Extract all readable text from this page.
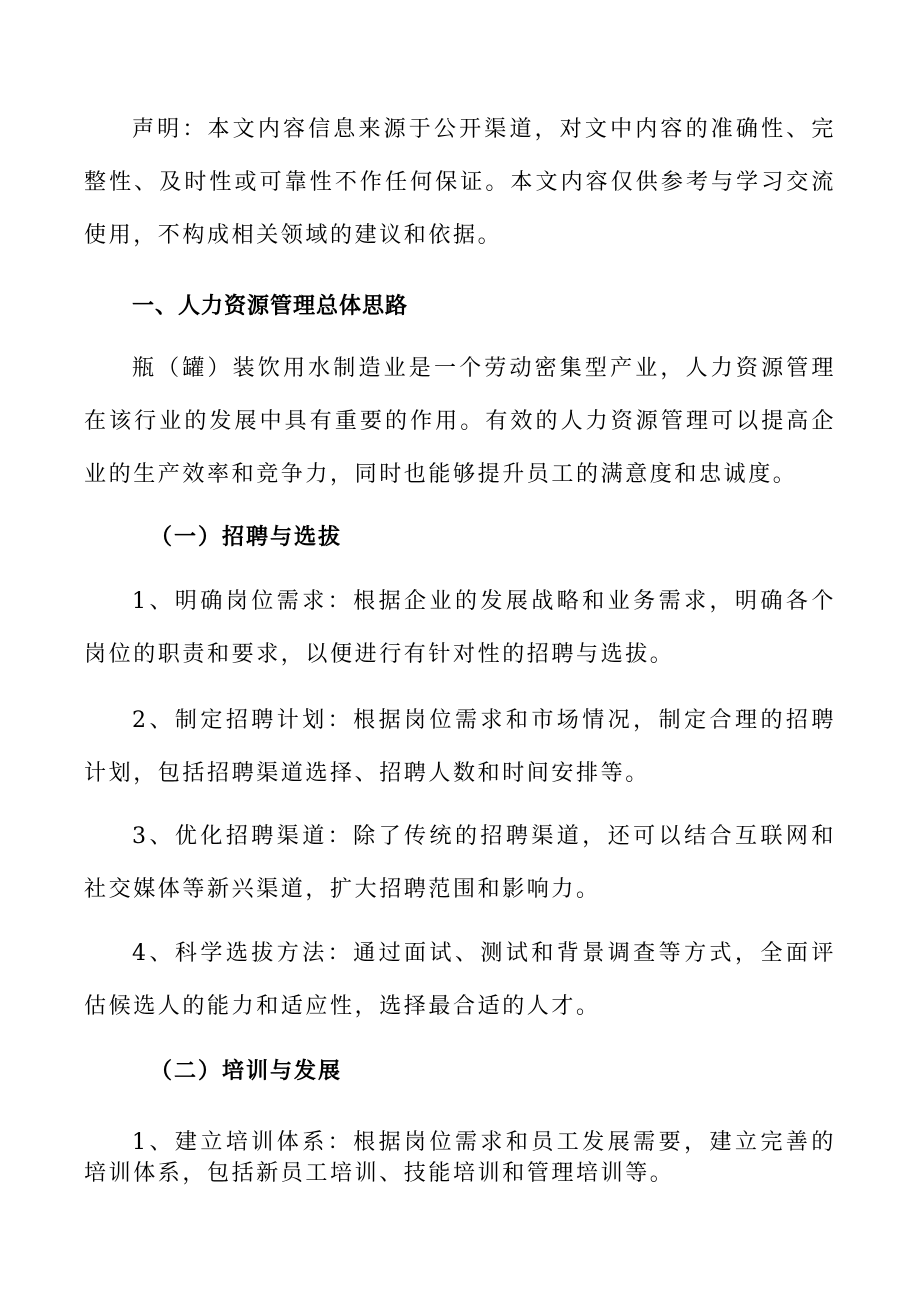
声明：本文内容信息来源于公开渠道，对文中内容的准确性、完整性、及时性或可靠性不作任何保证。本文内容仅供参考与学习交流使用，不构成相关领域的建议和依据。

一、人力资源管理总体思路

瓶（罐）装饮用水制造业是一个劳动密集型产业，人力资源管理在该行业的发展中具有重要的作用。有效的人力资源管理可以提高企业的生产效率和竞争力，同时也能够提升员工的满意度和忠诚度。

（一）招聘与选拔

1、明确岗位需求：根据企业的发展战略和业务需求，明确各个岗位的职责和要求，以便进行有针对性的招聘与选拔。

2、制定招聘计划：根据岗位需求和市场情况，制定合理的招聘计划，包括招聘渠道选择、招聘人数和时间安排等。

3、优化招聘渠道：除了传统的招聘渠道，还可以结合互联网和社交媒体等新兴渠道，扩大招聘范围和影响力。

4、科学选拔方法：通过面试、测试和背景调查等方式，全面评估候选人的能力和适应性，选择最合适的人才。

（二）培训与发展

1、建立培训体系：根据岗位需求和员工发展需要，建立完善的培训体系，包括新员工培训、技能培训和管理培训等。
